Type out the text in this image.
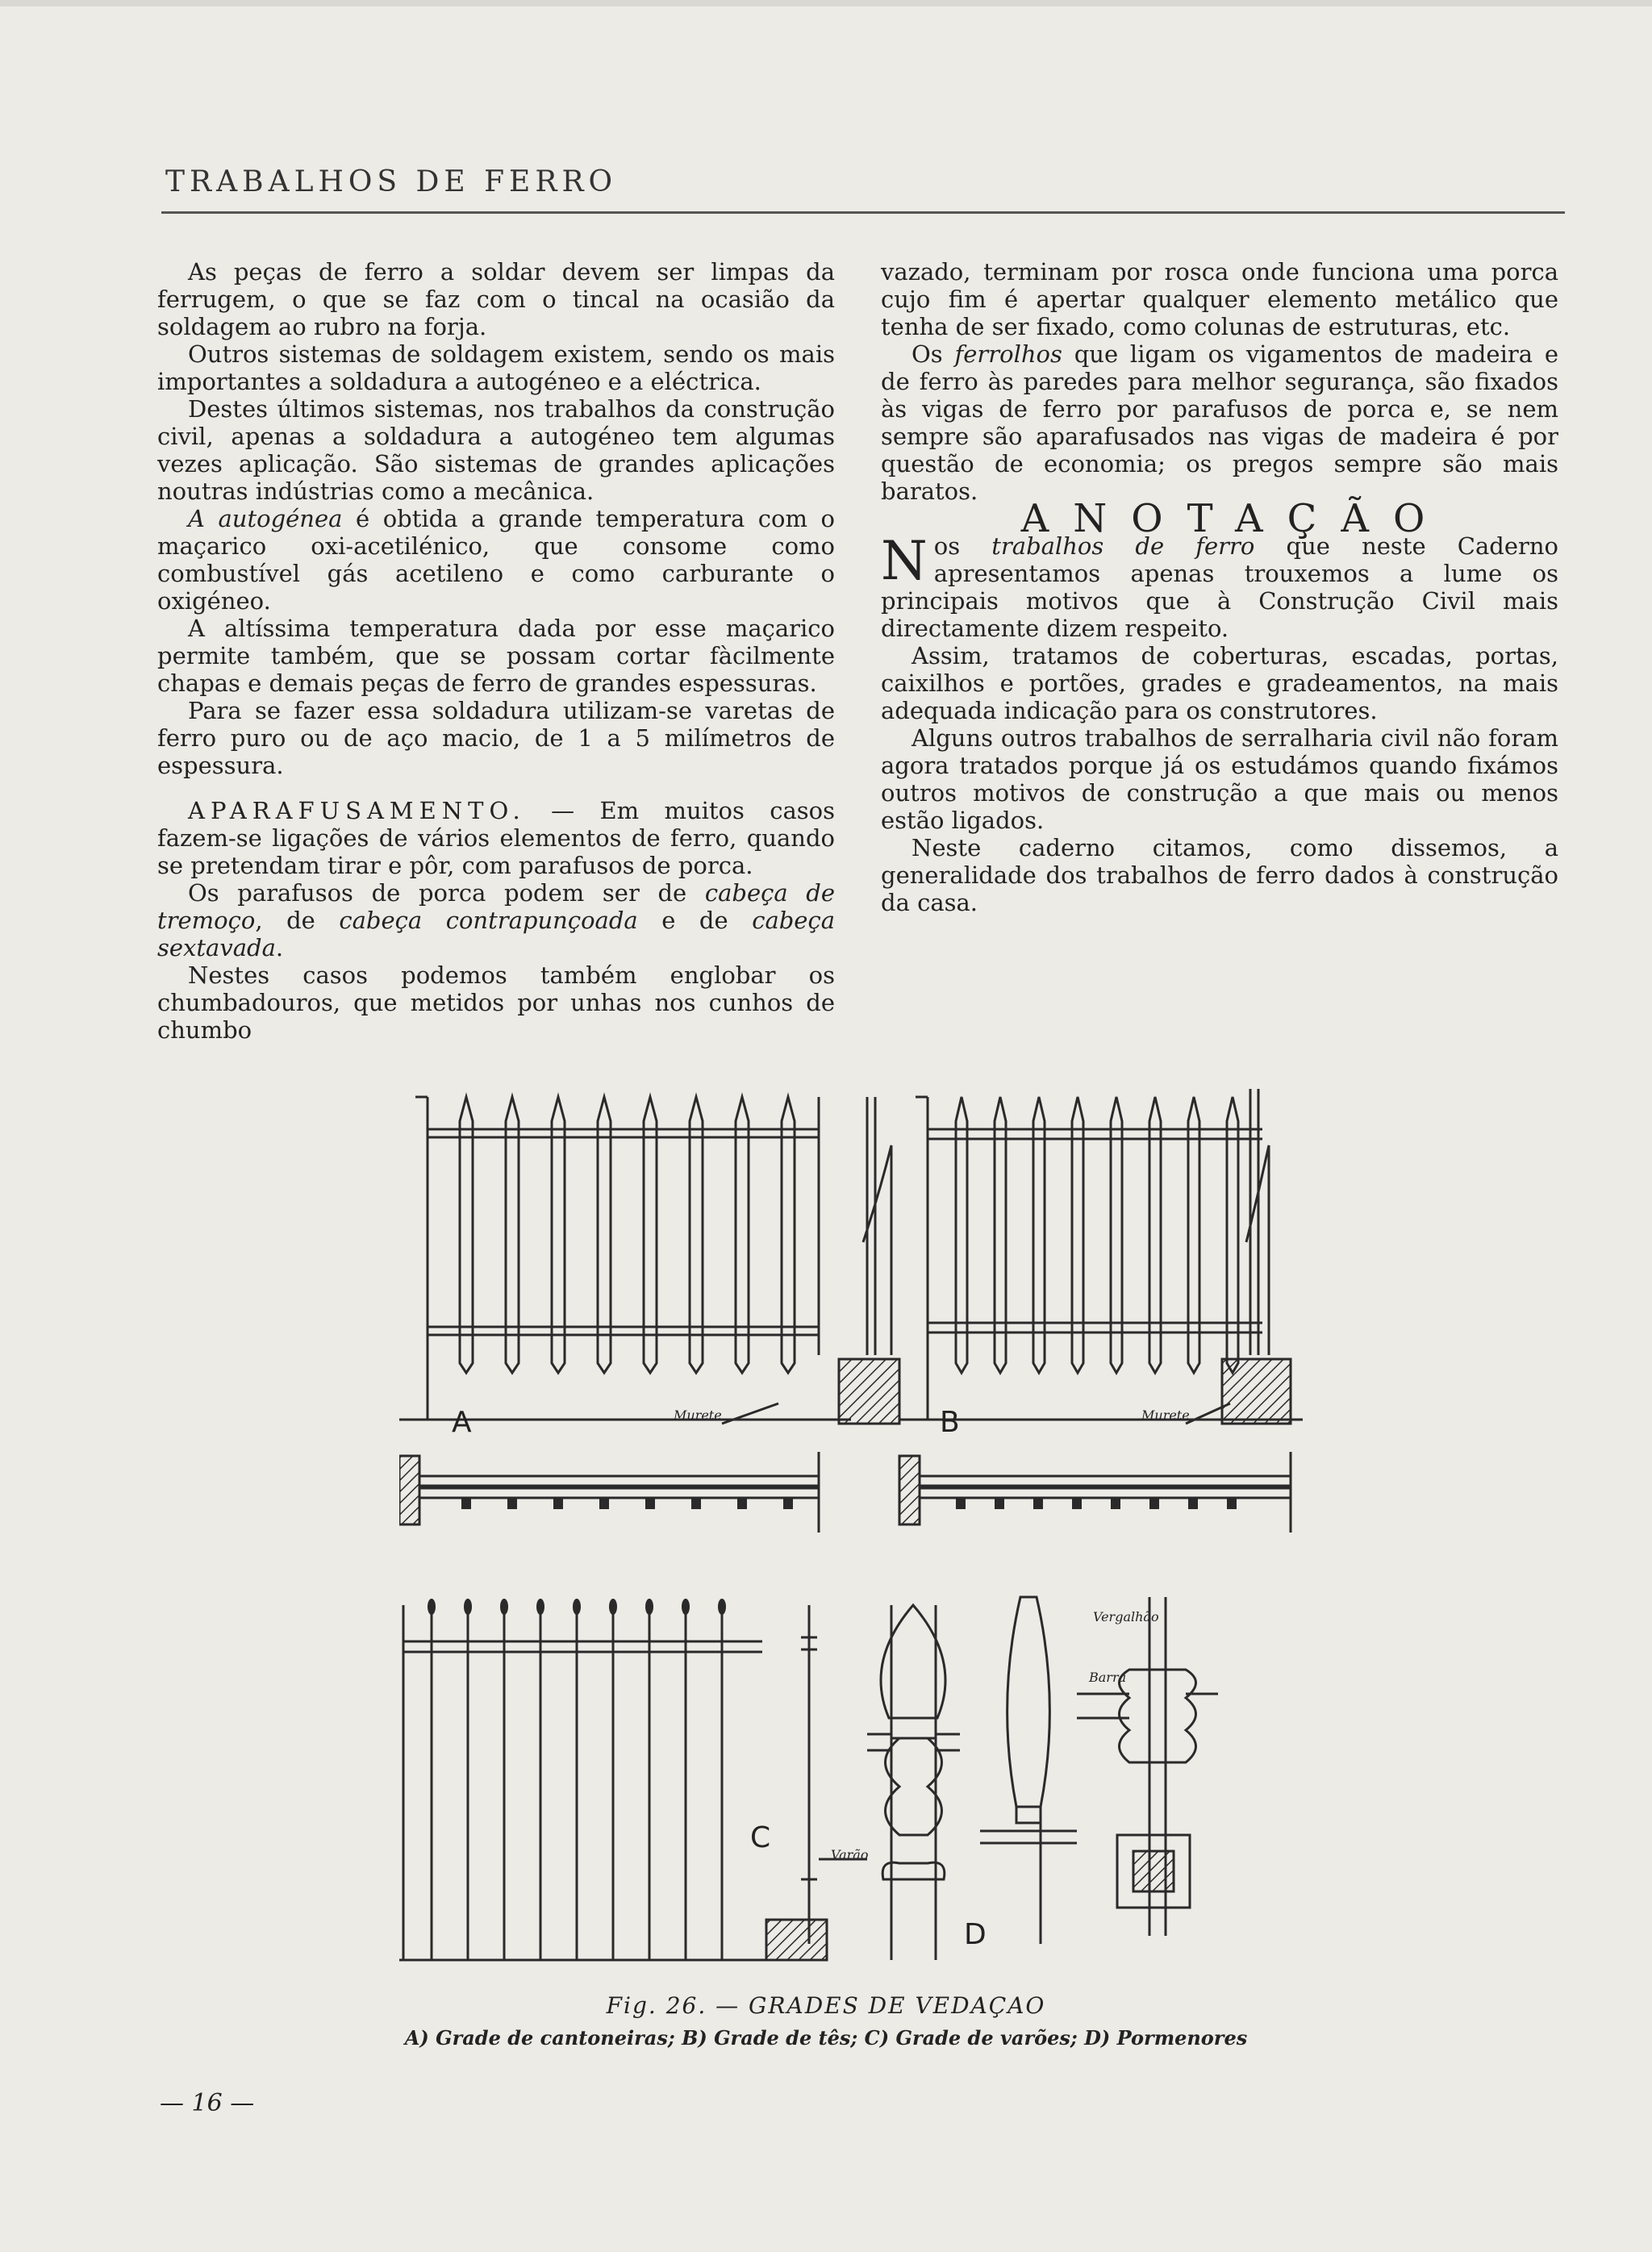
TRABALHOS DE FERRO

As peças de ferro a soldar devem ser limpas da ferrugem, o que se faz com o tincal na ocasião da soldagem ao rubro na forja.

Outros sistemas de soldagem existem, sendo os mais importantes a soldadura a autogéneo e a eléctrica.

Destes últimos sistemas, nos trabalhos da construção civil, apenas a soldadura a autogéneo tem algumas vezes aplicação. São sistemas de grandes aplicações noutras indústrias como a mecânica.

A autogénea é obtida a grande temperatura com o maçarico oxi-acetilénico, que consome como combustível gás acetileno e como carburante o oxigéneo.

A altíssima temperatura dada por esse maçarico permite também, que se possam cortar fàcilmente chapas e demais peças de ferro de grandes espessuras.

Para se fazer essa soldadura utilizam-se varetas de ferro puro ou de aço macio, de 1 a 5 milímetros de espessura.

APARAFUSAMENTO. — Em muitos casos fazem-se ligações de vários elementos de ferro, quando se pretendam tirar e pôr, com parafusos de porca.

Os parafusos de porca podem ser de cabeça de tremoço, de cabeça contrapunçoada e de cabeça sextavada.

Nestes casos podemos também englobar os chumbadouros, que metidos por unhas nos cunhos de chumbo

vazado, terminam por rosca onde funciona uma porca cujo fim é apertar qualquer elemento metálico que tenha de ser fixado, como colunas de estruturas, etc.

Os ferrolhos que ligam os vigamentos de madeira e de ferro às paredes para melhor segurança, são fixados às vigas de ferro por parafusos de porca e, se nem sempre são aparafusados nas vigas de madeira é por questão de economia; os pregos sempre são mais baratos.

ANOTAÇÃO

Nos trabalhos de ferro que neste Caderno apresentamos apenas trouxemos a lume os principais motivos que à Construção Civil mais directamente dizem respeito.

Assim, tratamos de coberturas, escadas, portas, caixilhos e portões, grades e gradeamentos, na mais adequada indicação para os construtores.

Alguns outros trabalhos de serralharia civil não foram agora tratados porque já os estudámos quando fixámos outros motivos de construção a que mais ou menos estão ligados.

Neste caderno citamos, como dissemos, a generalidade dos trabalhos de ferro dados à construção da casa.

A	Murete	B	Murete
C
Varão
D
Vergalhão
Barra
Fig. 26. — GRADES DE VEDAÇAO
A) Grade de cantoneiras; B) Grade de tês; C) Grade de varões; D) Pormenores
— 16 —
